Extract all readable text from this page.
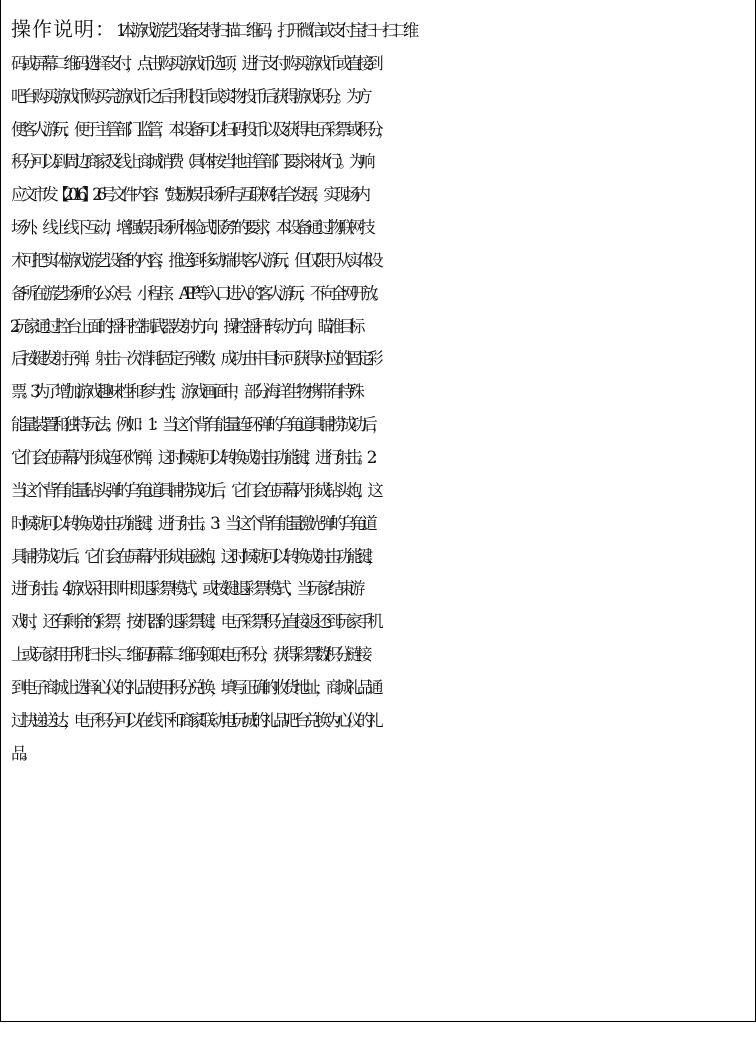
操作说明：1.本游戏游艺设备支持扫描二维码，打开微信或支付宝扫一扫二维
码或屏幕二维码选择支付，点击购买游戏币选项，进行支付购买游戏币或直接到
吧台购买游戏币 购买完游戏币之后手机投币或实物投币后获得游戏积分。为方
便客人游玩，便于主管部门监管，本设备可以扫码投币以及获得电子彩票或积分，
积分可以到周边商家及线上商城消费（具体按当地主管部门要求来执行）。为响
应文市发【2016】26 号文件内容：“鼓励娱乐场所与互联网结合发展，实现场内
场外、线上线下互动，增强娱乐场所体验式服务”的要求，本设备通过物联网技
术可把实体游戏游艺设备的内容，推送到移动端供客人游玩，但仅限于从实体设
备所在游艺场所的公众号、小程序、APP 等入口进入的客人游玩，不向全网开放。
2.玩家通过控台上面的摇杆控制武器发射方向，操控摇杆转动方向，瞄准目标
后按键发射子弹，射击一次消耗固定子弹数，成功击中目标可获得对应的固定彩
票。   3.为了增加游戏趣味性和参与性，游戏画面中，部分海洋生物携带有特殊
能量装置和独特玩法。例如：1：当这个背有能量连环弹的乌龟道具捕捞成功后，
它们会在屏幕内形成连环炸弹，这时候就可以转换成射击功能键，进行射击。 2：
当这个背有能量钻头弹的乌龟道具捕捞成功后，它们会在屏幕内形成钻头炮，这
时候就可以转换成射击功能键，进行射击。3：当这个背有能量激光弹的乌龟道
具捕捞成功后。它们会在屏幕内形成电磁炮，这时候就可以转换成射击功能键，
进行射击。  4.游戏采用即中即退彩票模式，或按键退彩票模式，当玩家结束游
戏时，还有剩余的彩票，按机器的退彩票键，电子彩票积分直接返还到玩家手机
上或玩家用手机扫卡头二维码/屏幕二维码领取电子积分，获得彩票数/积分链接
到电子商城上选择心仪的礼品使用积分兑换，填写正确的收货地址，商城礼品通
过快递送达，电子积分可以在线下和商家联动电玩城的礼品吧台兑换为心仪的礼
品。
